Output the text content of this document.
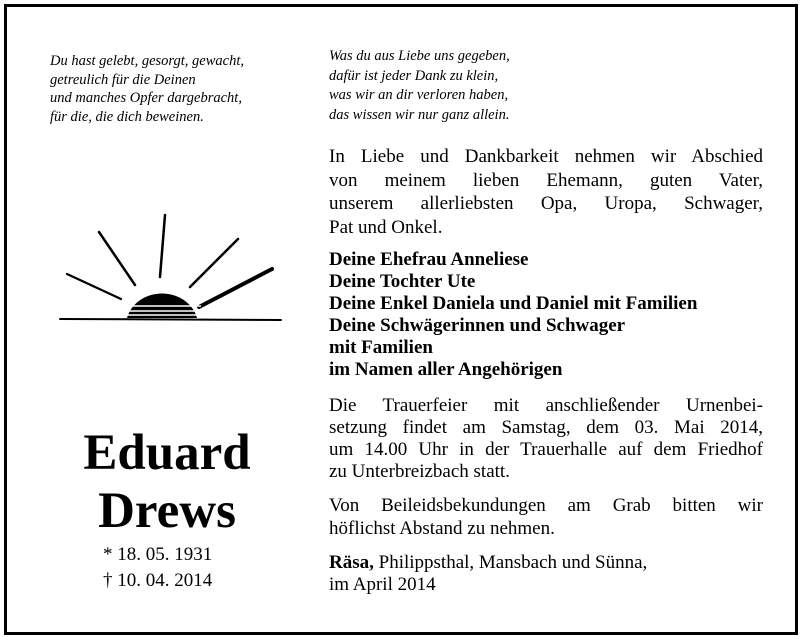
Du hast gelebt, gesorgt, gewacht,
getreulich für die Deinen
und manches Opfer dargebracht,
für die, die dich beweinen.
Was du aus Liebe uns gegeben,
dafür ist jeder Dank zu klein,
was wir an dir verloren haben,
das wissen wir nur ganz allein.
Eduard
Drews
* 18. 05. 1931
† 10. 04. 2014
In Liebe und Dankbarkeit nehmen wir Abschied
von meinem lieben Ehemann, guten Vater,
unserem allerliebsten Opa, Uropa, Schwager,
Pat und Onkel.
Deine Ehefrau Anneliese
Deine Tochter Ute
Deine Enkel Daniela und Daniel mit Familien
Deine Schwägerinnen und Schwager
mit Familien
im Namen aller Angehörigen
Die Trauerfeier mit anschließender Urnenbei-
setzung findet am Samstag, dem 03. Mai 2014,
um 14.00 Uhr in der Trauerhalle auf dem Friedhof
zu Unterbreizbach statt.
Von Beileidsbekundungen am Grab bitten wir
höflichst Abstand zu nehmen.
Räsa, Philippsthal, Mansbach und Sünna,
im April 2014
